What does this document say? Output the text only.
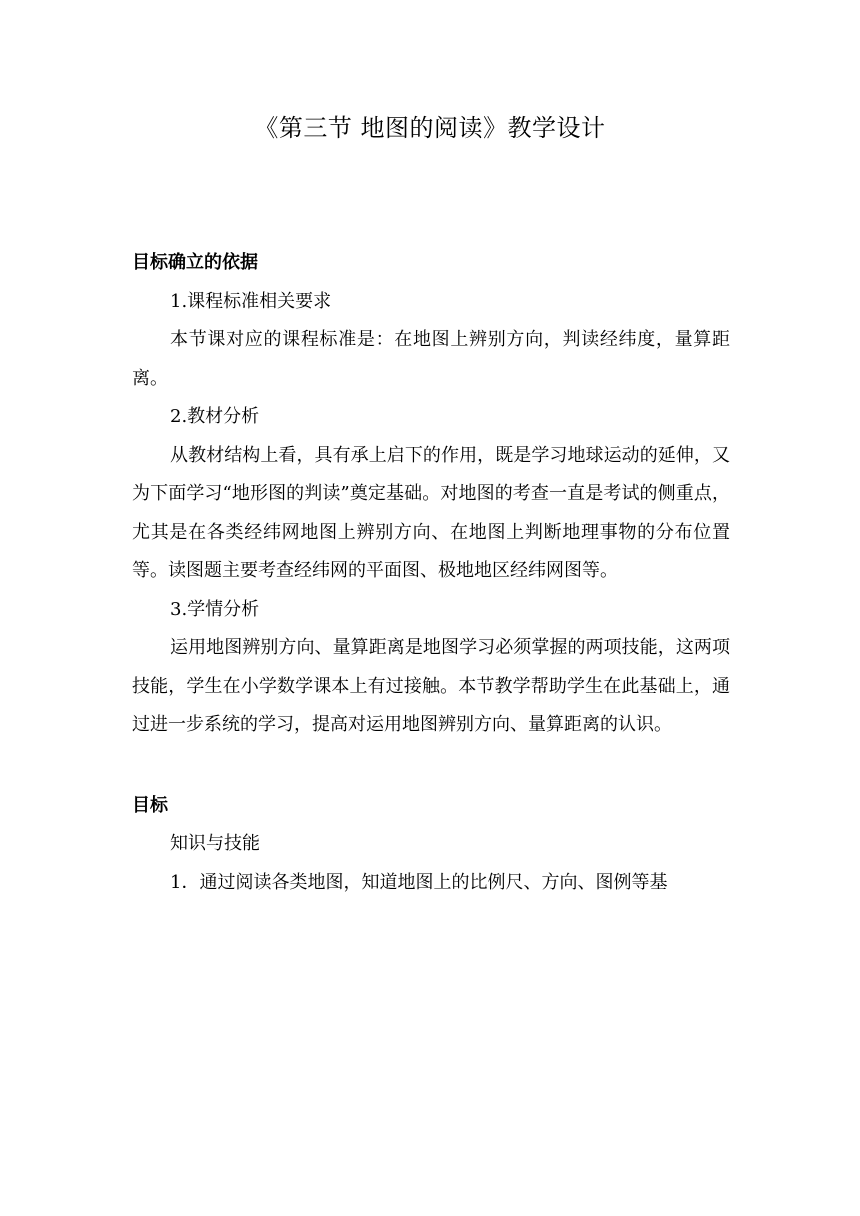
《第三节 地图的阅读》教学设计

目标确立的依据

1.课程标准相关要求

本节课对应的课程标准是：在地图上辨别方向，判读经纬度，量算距离。

2.教材分析

从教材结构上看，具有承上启下的作用，既是学习地球运动的延伸，又为下面学习“地形图的判读”奠定基础。对地图的考查一直是考试的侧重点，尤其是在各类经纬网地图上辨别方向、在地图上判断地理事物的分布位置等。读图题主要考查经纬网的平面图、极地地区经纬网图等。

3.学情分析

运用地图辨别方向、量算距离是地图学习必须掌握的两项技能，这两项技能，学生在小学数学课本上有过接触。本节教学帮助学生在此基础上，通过进一步系统的学习，提高对运用地图辨别方向、量算距离的认识。

目标

知识与技能

1．通过阅读各类地图，知道地图上的比例尺、方向、图例等基
